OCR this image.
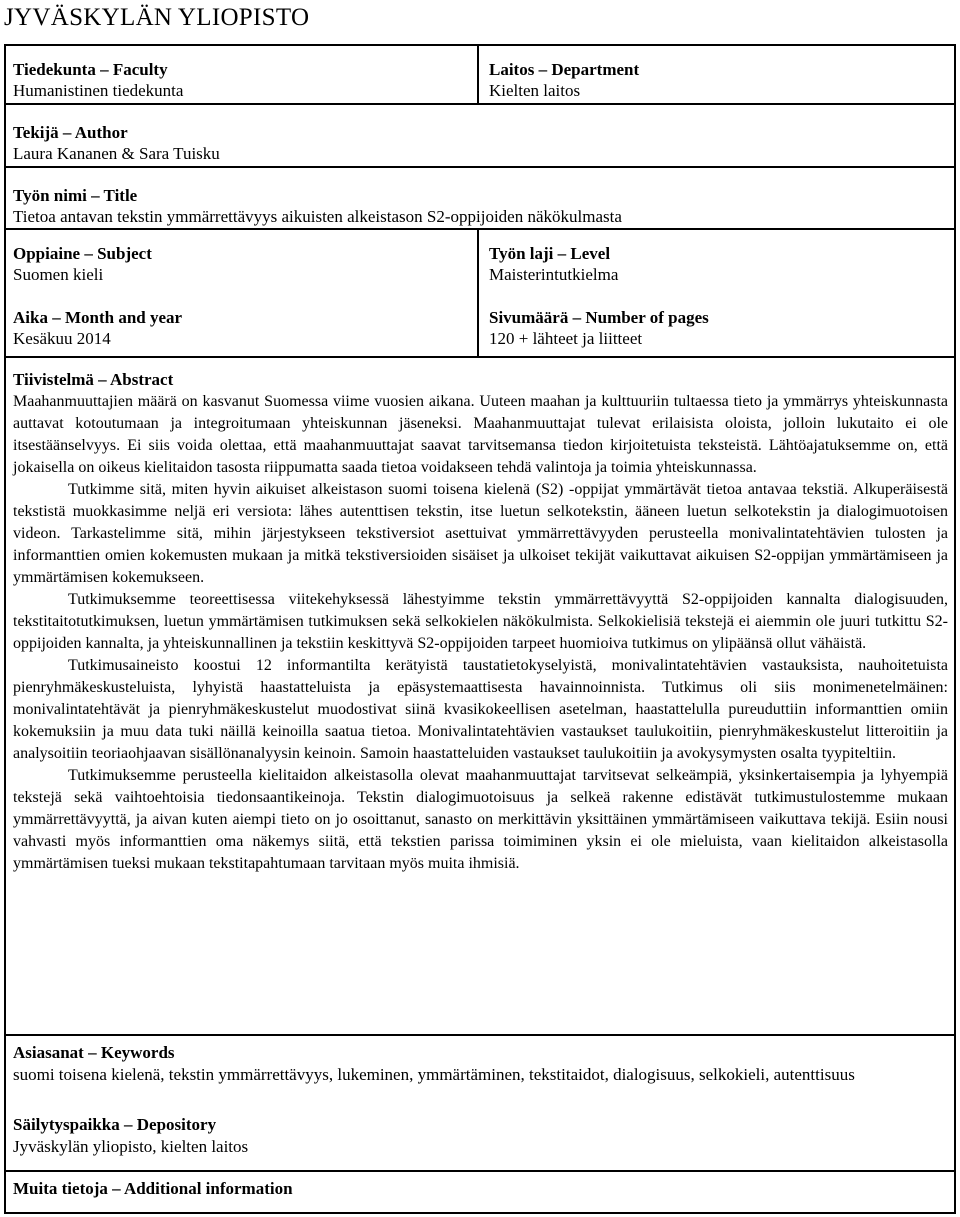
JYVÄSKYLÄN YLIOPISTO
Tiedekunta – Faculty
Humanistinen tiedekunta
Laitos – Department
Kielten laitos
Tekijä – Author
Laura Kananen & Sara Tuisku
Työn nimi – Title
Tietoa antavan tekstin ymmärrettävyys aikuisten alkeistason S2-oppijoiden näkökulmasta
Oppiaine – Subject
Suomen kieli
Työn laji – Level
Maisterintutkielma
Aika – Month and year
Kesäkuu 2014
Sivumäärä – Number of pages
120 + lähteet ja liitteet
Tiivistelmä – Abstract

Maahanmuuttajien määrä on kasvanut Suomessa viime vuosien aikana. Uuteen maahan ja kulttuuriin tultaessa tieto ja ymmärrys yhteiskunnasta auttavat kotoutumaan ja integroitumaan yhteiskunnan jäseneksi. Maahanmuuttajat tulevat erilaisista oloista, jolloin lukutaito ei ole itsestäänselvyys. Ei siis voida olettaa, että maahanmuuttajat saavat tarvitsemansa tiedon kirjoitetuista teksteistä. Lähtöajatuksemme on, että jokaisella on oikeus kielitaidon tasosta riippumatta saada tietoa voidakseen tehdä valintoja ja toimia yhteiskunnassa.

Tutkimme sitä, miten hyvin aikuiset alkeistason suomi toisena kielenä (S2) -oppijat ymmärtävät tietoa antavaa tekstiä. Alkuperäisestä tekstistä muokkasimme neljä eri versiota: lähes autenttisen tekstin, itse luetun selkotekstin, ääneen luetun selkotekstin ja dialogimuotoisen videon. Tarkastelimme sitä, mihin järjestykseen tekstiversiot asettuivat ymmärrettävyyden perusteella monivalintatehtävien tulosten ja informanttien omien kokemusten mukaan ja mitkä tekstiversioiden sisäiset ja ulkoiset tekijät vaikuttavat aikuisen S2-oppijan ymmärtämiseen ja ymmärtämisen kokemukseen.

Tutkimuksemme teoreettisessa viitekehyksessä lähestyimme tekstin ymmärrettävyyttä S2-oppijoiden kannalta dialogisuuden, tekstitaitotutkimuksen, luetun ymmärtämisen tutkimuksen sekä selkokielen näkökulmista. Selkokielisiä tekstejä ei aiemmin ole juuri tutkittu S2-oppijoiden kannalta, ja yhteiskunnallinen ja tekstiin keskittyvä S2-oppijoiden tarpeet huomioiva tutkimus on ylipäänsä ollut vähäistä.

Tutkimusaineisto koostui 12 informantilta kerätyistä taustatietokyselyistä, monivalintatehtävien vastauksista, nauhoitetuista pienryhmäkeskusteluista, lyhyistä haastatteluista ja epäsystemaattisesta havainnoinnista. Tutkimus oli siis monimenetelmäinen: monivalintatehtävät ja pienryhmäkeskustelut muodostivat siinä kvasikokeellisen asetelman, haastattelulla pureuduttiin informanttien omiin kokemuksiin ja muu data tuki näillä keinoilla saatua tietoa. Monivalintatehtävien vastaukset taulukoitiin, pienryhmäkeskustelut litteroitiin ja analysoitiin teoriaohjaavan sisällönanalyysin keinoin. Samoin haastatteluiden vastaukset taulukoitiin ja avokysymysten osalta tyypiteltiin.

Tutkimuksemme perusteella kielitaidon alkeistasolla olevat maahanmuuttajat tarvitsevat selkeämpiä, yksinkertaisempia ja lyhyempiä tekstejä sekä vaihtoehtoisia tiedonsaantikeinoja. Tekstin dialogimuotoisuus ja selkeä rakenne edistävät tutkimustulostemme mukaan ymmärrettävyyttä, ja aivan kuten aiempi tieto on jo osoittanut, sanasto on merkittävin yksittäinen ymmärtämiseen vaikuttava tekijä. Esiin nousi vahvasti myös informanttien oma näkemys siitä, että tekstien parissa toimiminen yksin ei ole mieluista, vaan kielitaidon alkeistasolla ymmärtämisen tueksi mukaan tekstitapahtumaan tarvitaan myös muita ihmisiä.

Asiasanat – Keywords
suomi toisena kielenä, tekstin ymmärrettävyys, lukeminen, ymmärtäminen, tekstitaidot, dialogisuus, selkokieli, autenttisuus
Säilytyspaikka – Depository
Jyväskylän yliopisto, kielten laitos
Muita tietoja – Additional information
